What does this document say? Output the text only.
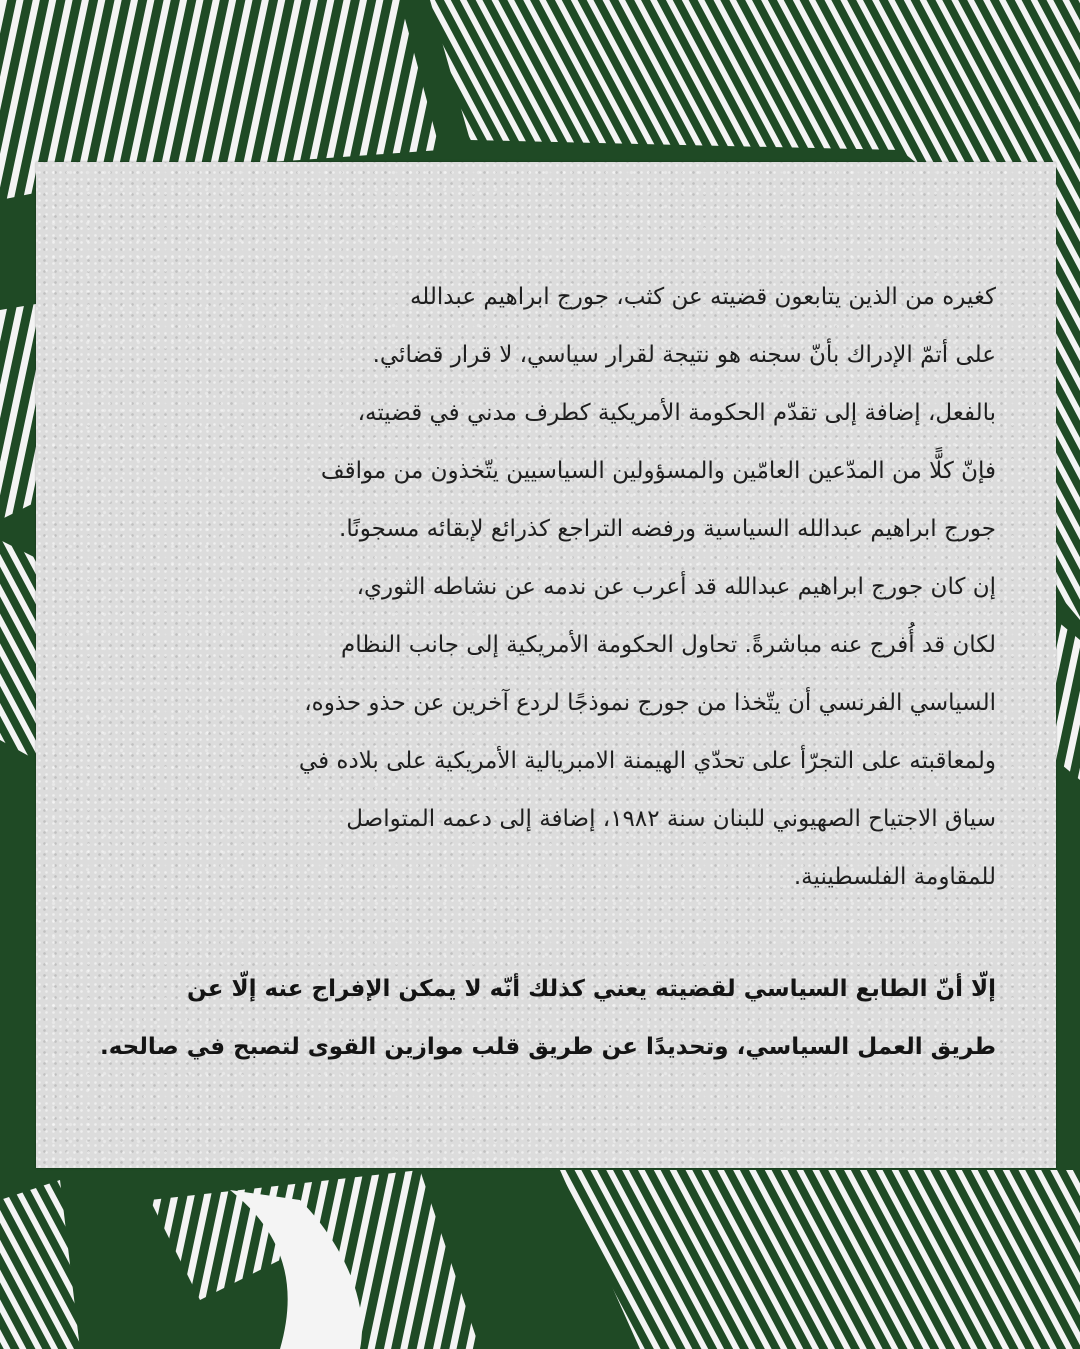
كغيره من الذين يتابعون قضيته عن كثب، جورج ابراهيم عبدالله
على أتمّ الإدراك بأنّ سجنه هو نتيجة لقرار سياسي، لا قرار قضائي.
بالفعل، إضافة إلى تقدّم الحكومة الأمريكية كطرف مدني في قضيته،
فإنّ كلًّا من المدّعين العامّين والمسؤولين السياسيين يتّخذون من مواقف
جورج ابراهيم عبدالله السياسية ورفضه التراجع كذرائع لإبقائه مسجونًا.
إن كان جورج ابراهيم عبدالله قد أعرب عن ندمه عن نشاطه الثوري،
لكان قد أُفرج عنه مباشرةً. تحاول الحكومة الأمريكية إلى جانب النظام
السياسي الفرنسي أن يتّخذا من جورج نموذجًا لردع آخرين عن حذو حذوه،
ولمعاقبته على التجرّأ على تحدّي الهيمنة الامبريالية الأمريكية على بلاده في
سياق الاجتياح الصهيوني للبنان سنة ١٩٨٢، إضافة إلى دعمه المتواصل
للمقاومة الفلسطينية.
إلّا أنّ الطابع السياسي لقضيته يعني كذلك أنّه لا يمكن الإفراج عنه إلّا عن
طريق العمل السياسي، وتحديدًا عن طريق قلب موازين القوى لتصبح في صالحه.
